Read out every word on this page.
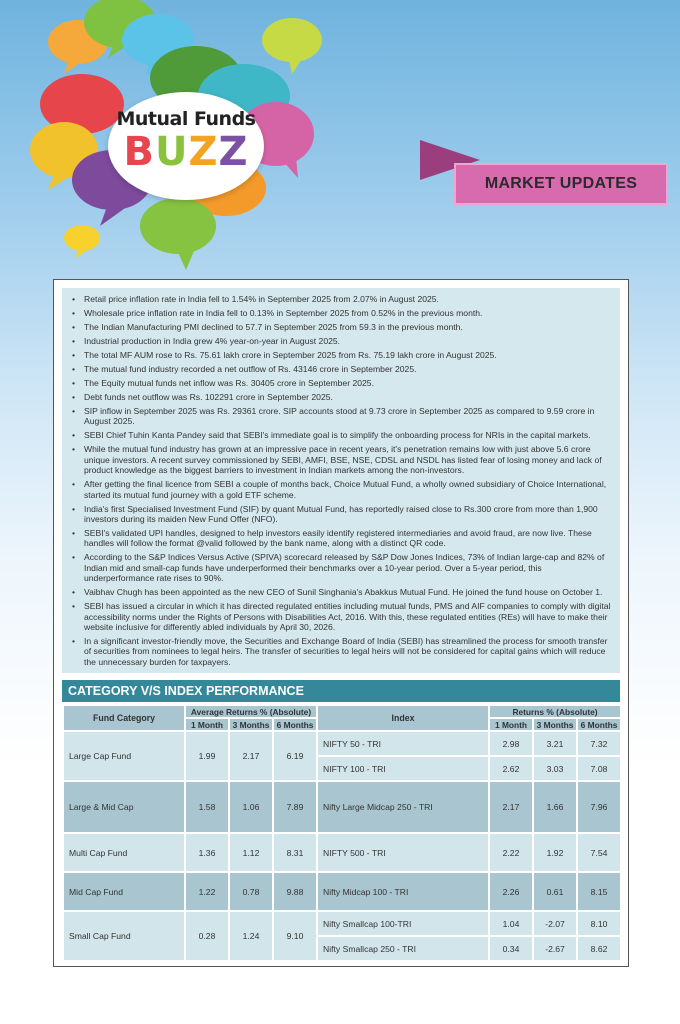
Mutual Funds
BUZZ
MARKET UPDATES
• Retail price inflation rate in India fell to 1.54% in September 2025 from 2.07% in August 2025.
• Wholesale price inflation rate in India fell to 0.13% in September 2025 from 0.52% in the previous month.
• The Indian Manufacturing PMI declined to 57.7 in September 2025 from 59.3 in the previous month.
• Industrial production in India grew 4% year-on-year in August 2025.
• The total MF AUM rose to Rs. 75.61 lakh crore in September 2025 from Rs. 75.19 lakh crore in August 2025.
• The mutual fund industry recorded a net outflow of Rs. 43146 crore in September 2025.
• The Equity mutual funds net inflow was Rs. 30405 crore in September 2025.
• Debt funds net outflow was Rs. 102291 crore in September 2025.
• SIP inflow in September 2025 was Rs. 29361 crore. SIP accounts stood at 9.73 crore in September 2025 as compared to 9.59 crore in August 2025.
• SEBI Chief Tuhin Kanta Pandey said that SEBI's immediate goal is to simplify the onboarding process for NRIs in the capital markets.
• While the mutual fund industry has grown at an impressive pace in recent years, it's penetration remains low with just above 5.6 crore unique investors. A recent survey commissioned by SEBI, AMFI, BSE, NSE, CDSL and NSDL has listed fear of losing money and lack of product knowledge as the biggest barriers to investment in Indian markets among the non-investors.
• After getting the final licence from SEBI a couple of months back, Choice Mutual Fund, a wholly owned subsidiary of Choice International, started its mutual fund journey with a gold ETF scheme.
• India's first Specialised Investment Fund (SIF) by quant Mutual Fund, has reportedly raised close to Rs.300 crore from more than 1,900 investors during its maiden New Fund Offer (NFO).
• SEBI's validated UPI handles, designed to help investors easily identify registered intermediaries and avoid fraud, are now live. These handles will follow the format @valid followed by the bank name, along with a distinct QR code.
• According to the S&P Indices Versus Active (SPIVA) scorecard released by S&P Dow Jones Indices, 73% of Indian large-cap and 82% of Indian mid and small-cap funds have underperformed their benchmarks over a 10-year period. Over a 5-year period, this underperformance rate rises to 90%.
• Vaibhav Chugh has been appointed as the new CEO of Sunil Singhania's Abakkus Mutual Fund. He joined the fund house on October 1.
• SEBI has issued a circular in which it has directed regulated entities including mutual funds, PMS and AIF companies to comply with digital accessibility norms under the Rights of Persons with Disabilities Act, 2016. With this, these regulated entities (REs) will have to make their website inclusive for differently abled individuals by April 30, 2026.
• In a significant investor-friendly move, the Securities and Exchange Board of India (SEBI) has streamlined the process for smooth transfer of securities from nominees to legal heirs. The transfer of securities to legal heirs will not be considered for capital gains which will reduce the unnecessary burden for taxpayers.
CATEGORY V/S INDEX PERFORMANCE
Fund Category	Average Returns % (Absolute)			Index	Returns % (Absolute)		
	1 Month	3 Months	6 Months		1 Month	3 Months	6 Months
Large Cap Fund	1.99	2.17	6.19	NIFTY 50 - TRI	2.98	3.21	7.32
				NIFTY 100 - TRI	2.62	3.03	7.08
Large & Mid Cap	1.58	1.06	7.89	Nifty Large Midcap 250 - TRI	2.17	1.66	7.96
Multi Cap Fund	1.36	1.12	8.31	NIFTY 500 - TRI	2.22	1.92	7.54
Mid Cap Fund	1.22	0.78	9.88	Nifty Midcap 100 - TRI	2.26	0.61	8.15
Small Cap Fund	0.28	1.24	9.10	Nifty Smallcap 100-TRI	1.04	-2.07	8.10
				Nifty Smallcap 250 - TRI	0.34	-2.67	8.62
